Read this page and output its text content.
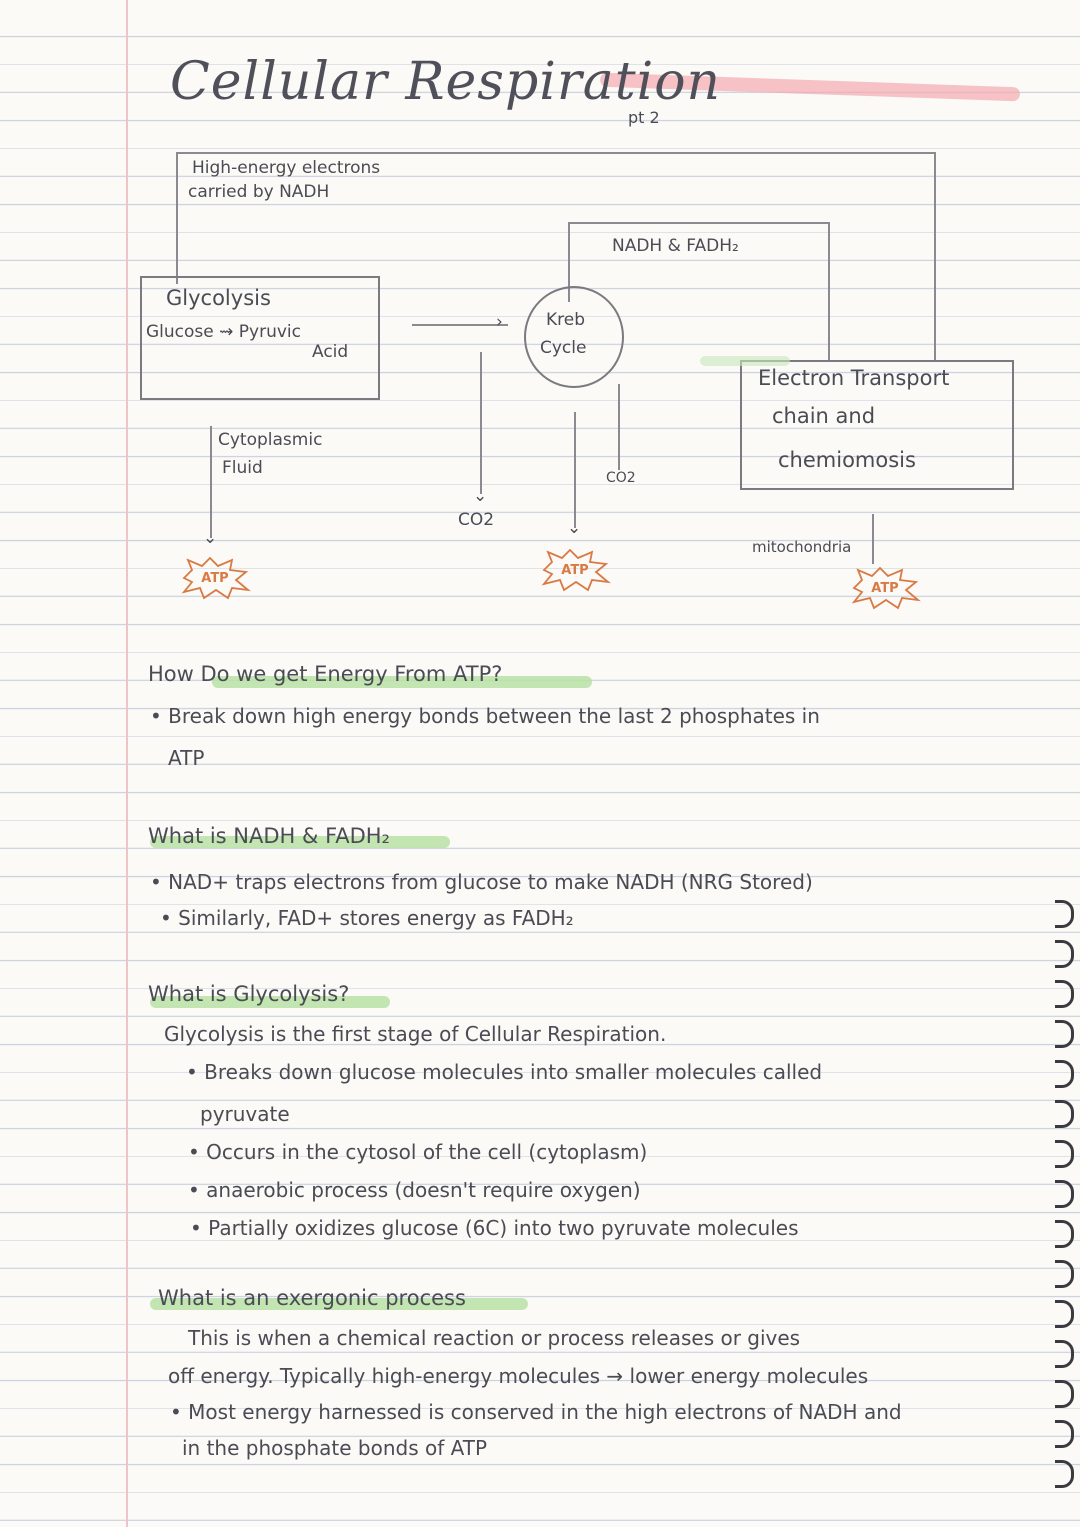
Cellular Respiration
pt 2
High-energy electrons
carried by NADH
NADH & FADH₂
Glycolysis
Glucose ⇝ Pyruvic
Acid
›	Kreb
Cycle
Electron Transport
chain and
chemiomosis
⌄
Cytoplasmic
Fluid
⌄
CO2	⌄
CO2
mitochondria
ATP
ATP
ATP
How Do we get Energy From ATP?
• Break down high energy bonds between the last 2 phosphates in
ATP
What is NADH & FADH₂
• NAD+ traps electrons from glucose to make NADH (NRG Stored)
• Similarly, FAD+ stores energy as FADH₂
What is Glycolysis?
Glycolysis is the first stage of Cellular Respiration.
• Breaks down glucose molecules into smaller molecules called
pyruvate
• Occurs in the cytosol of the cell (cytoplasm)
• anaerobic process (doesn't require oxygen)
• Partially oxidizes glucose (6C) into two pyruvate molecules
What is an exergonic process
This is when a chemical reaction or process releases or gives
off energy. Typically high-energy molecules → lower energy molecules
• Most energy harnessed is conserved in the high electrons of NADH and
in the phosphate bonds of ATP
